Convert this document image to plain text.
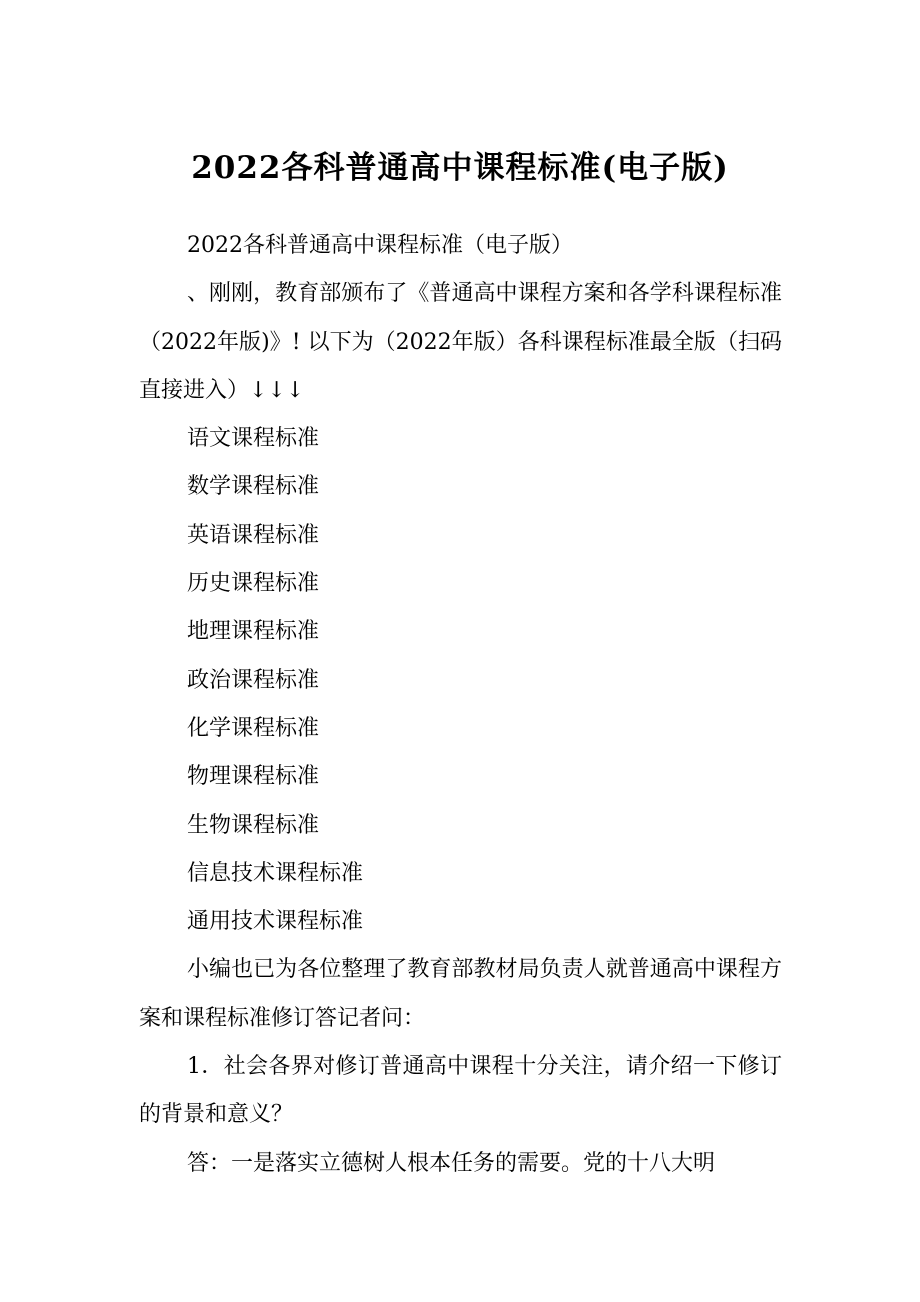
2022各科普通高中课程标准(电子版)

2022各科普通高中课程标准（电子版）

、刚刚，教育部颁布了《普通高中课程方案和各学科课程标准（2022年版)》! 以下为（2022年版）各科课程标准最全版（扫码直接进入）↓↓↓

语文课程标准

数学课程标准

英语课程标准

历史课程标准

地理课程标准

政治课程标准

化学课程标准

物理课程标准

生物课程标准

信息技术课程标准

通用技术课程标准

小编也已为各位整理了教育部教材局负责人就普通高中课程方案和课程标准修订答记者问：

1．社会各界对修订普通高中课程十分关注，请介绍一下修订的背景和意义？

答：一是落实立德树人根本任务的需要。党的十八大明
